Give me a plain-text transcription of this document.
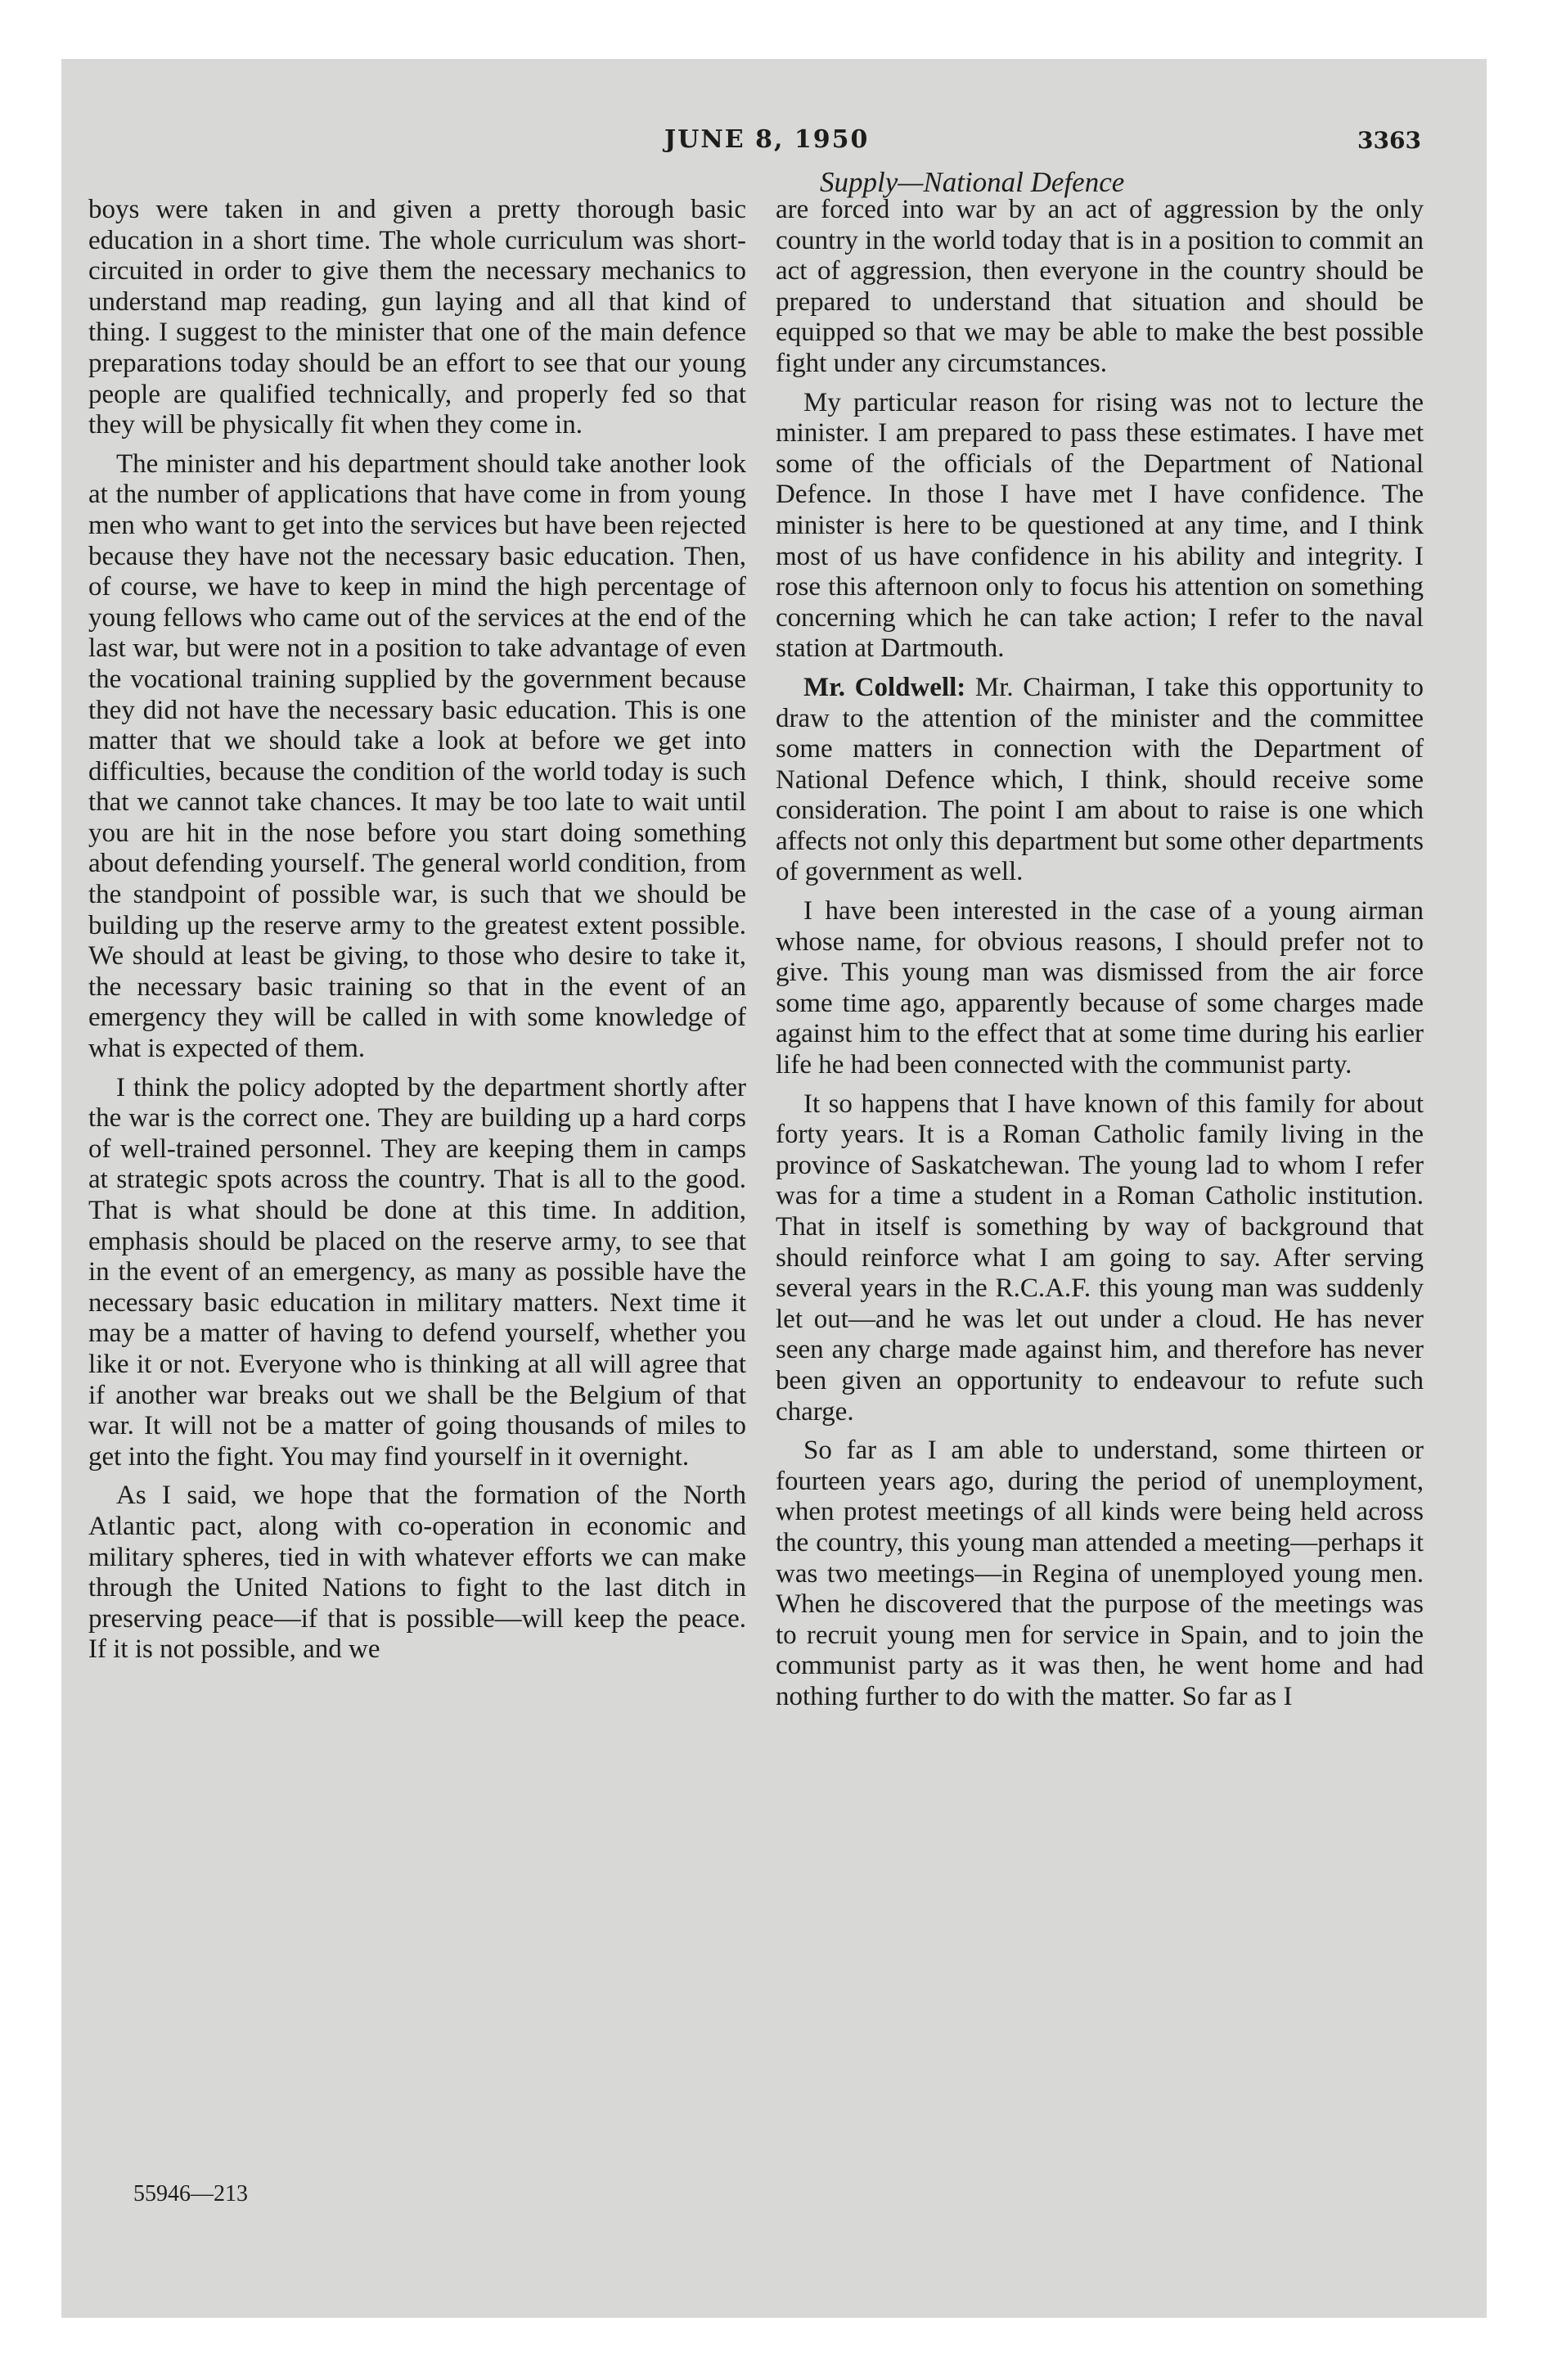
JUNE 8, 1950	3363
Supply—National Defence

boys were taken in and given a pretty thorough basic education in a short time. The whole curriculum was short-circuited in order to give them the necessary mechanics to understand map reading, gun laying and all that kind of thing. I suggest to the minister that one of the main defence preparations today should be an effort to see that our young people are qualified technically, and properly fed so that they will be physically fit when they come in.

The minister and his department should take another look at the number of applications that have come in from young men who want to get into the services but have been rejected because they have not the necessary basic education. Then, of course, we have to keep in mind the high percentage of young fellows who came out of the services at the end of the last war, but were not in a position to take advantage of even the vocational training supplied by the government because they did not have the necessary basic education. This is one matter that we should take a look at before we get into difficulties, because the condition of the world today is such that we cannot take chances. It may be too late to wait until you are hit in the nose before you start doing something about defending yourself. The general world condition, from the standpoint of possible war, is such that we should be building up the reserve army to the greatest extent possible. We should at least be giving, to those who desire to take it, the necessary basic training so that in the event of an emergency they will be called in with some knowledge of what is expected of them.

I think the policy adopted by the department shortly after the war is the correct one. They are building up a hard corps of well-trained personnel. They are keeping them in camps at strategic spots across the country. That is all to the good. That is what should be done at this time. In addition, emphasis should be placed on the reserve army, to see that in the event of an emergency, as many as possible have the necessary basic education in military matters. Next time it may be a matter of having to defend yourself, whether you like it or not. Everyone who is thinking at all will agree that if another war breaks out we shall be the Belgium of that war. It will not be a matter of going thousands of miles to get into the fight. You may find yourself in it overnight.

As I said, we hope that the formation of the North Atlantic pact, along with co-operation in economic and military spheres, tied in with whatever efforts we can make through the United Nations to fight to the last ditch in preserving peace—if that is possible—will keep the peace. If it is not possible, and we

55946—213

are forced into war by an act of aggression by the only country in the world today that is in a position to commit an act of aggression, then everyone in the country should be prepared to understand that situation and should be equipped so that we may be able to make the best possible fight under any circumstances.

My particular reason for rising was not to lecture the minister. I am prepared to pass these estimates. I have met some of the officials of the Department of National Defence. In those I have met I have confidence. The minister is here to be questioned at any time, and I think most of us have confidence in his ability and integrity. I rose this afternoon only to focus his attention on something concerning which he can take action; I refer to the naval station at Dartmouth.

Mr. Coldwell: Mr. Chairman, I take this opportunity to draw to the attention of the minister and the committee some matters in connection with the Department of National Defence which, I think, should receive some consideration. The point I am about to raise is one which affects not only this department but some other departments of government as well.

I have been interested in the case of a young airman whose name, for obvious reasons, I should prefer not to give. This young man was dismissed from the air force some time ago, apparently because of some charges made against him to the effect that at some time during his earlier life he had been connected with the communist party.

It so happens that I have known of this family for about forty years. It is a Roman Catholic family living in the province of Saskatchewan. The young lad to whom I refer was for a time a student in a Roman Catholic institution. That in itself is something by way of background that should reinforce what I am going to say. After serving several years in the R.C.A.F. this young man was suddenly let out—and he was let out under a cloud. He has never seen any charge made against him, and therefore has never been given an opportunity to endeavour to refute such charge.

So far as I am able to understand, some thirteen or fourteen years ago, during the period of unemployment, when protest meetings of all kinds were being held across the country, this young man attended a meeting—perhaps it was two meetings—in Regina of unemployed young men. When he discovered that the purpose of the meetings was to recruit young men for service in Spain, and to join the communist party as it was then, he went home and had nothing further to do with the matter. So far as I
